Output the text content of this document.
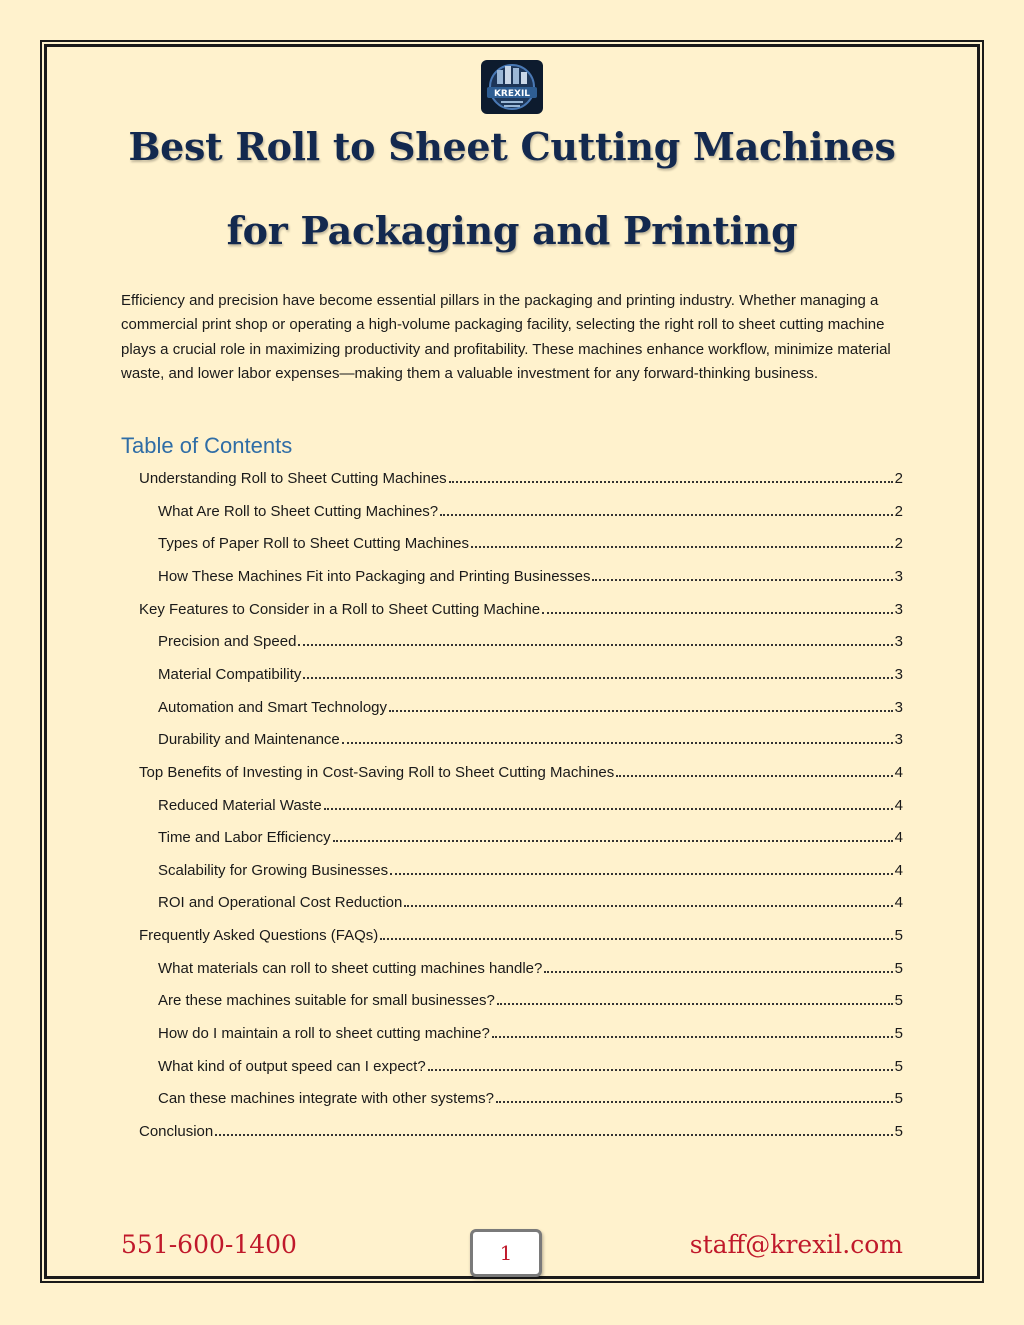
KREXIL
Best Roll to Sheet Cutting Machines
for Packaging and Printing

Efficiency and precision have become essential pillars in the packaging and printing industry. Whether managing a commercial print shop or operating a high-volume packaging facility, selecting the right roll to sheet cutting machine plays a crucial role in maximizing productivity and profitability. These machines enhance workflow, minimize material waste, and lower labor expenses—making them a valuable investment for any forward-thinking business.

Table of Contents
Understanding Roll to Sheet Cutting Machines	2
What Are Roll to Sheet Cutting Machines?	2
Types of Paper Roll to Sheet Cutting Machines	2
How These Machines Fit into Packaging and Printing Businesses	3
Key Features to Consider in a Roll to Sheet Cutting Machine	3
Precision and Speed	3
Material Compatibility	3
Automation and Smart Technology	3
Durability and Maintenance	3
Top Benefits of Investing in Cost-Saving Roll to Sheet Cutting Machines	4
Reduced Material Waste	4
Time and Labor Efficiency	4
Scalability for Growing Businesses	4
ROI and Operational Cost Reduction	4
Frequently Asked Questions (FAQs)	5
What materials can roll to sheet cutting machines handle?	5
Are these machines suitable for small businesses?	5
How do I maintain a roll to sheet cutting machine?	5
What kind of output speed can I expect?	5
Can these machines integrate with other systems?	5
Conclusion	5
551-600-1400	1	staff@krexil.com
